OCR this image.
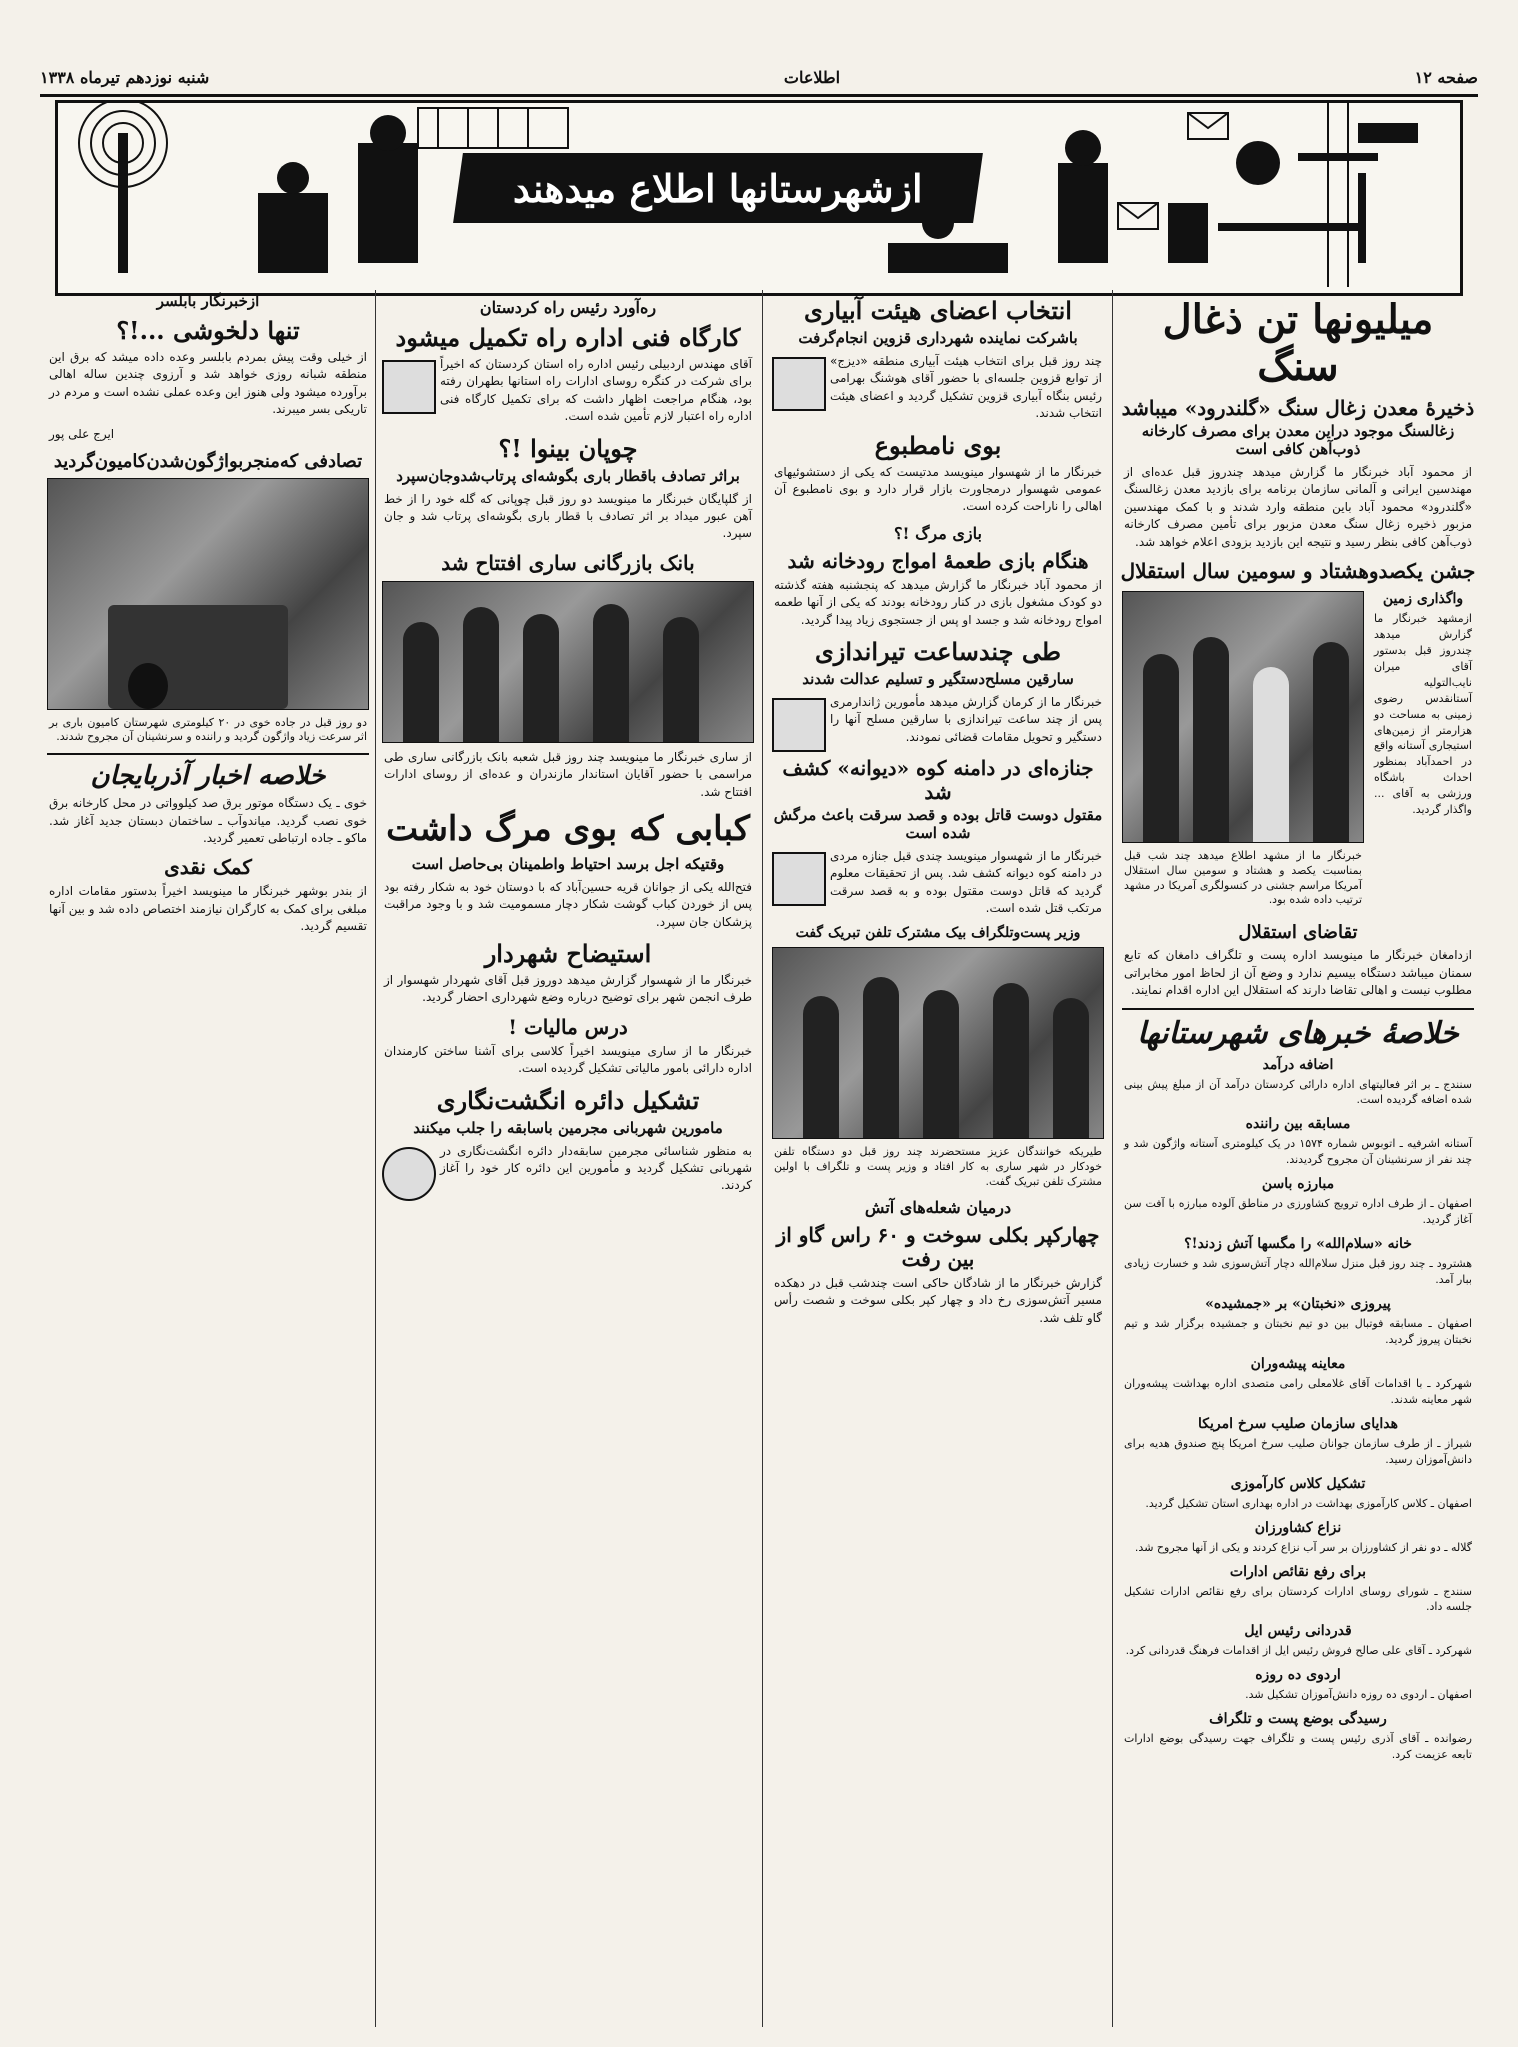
صفحه ۱۲
اطلاعات
شنبه نوزدهم تیرماه ۱۳۳۸
ازشهرستانها اطلاع میدهند
میلیونها تن ذغال سنگ
ذخیرهٔ معدن زغال سنگ «گلندرود» میباشد
زغالسنگ موجود دراین معدن برای مصرف کارخانه ذوب‌آهن کافی است
از محمود آباد خبرنگار ما گزارش میدهد چندروز قبل عده‌ای از مهندسین ایرانی و آلمانی سازمان برنامه برای بازدید معدن زغالسنگ «گلندرود» محمود آباد باین منطقه وارد شدند و با کمک مهندسین مزبور ذخیره زغال سنگ معدن مزبور برای تأمین مصرف کارخانه ذوب‌آهن کافی بنظر رسید و نتیجه این بازدید بزودی اعلام خواهد شد.
جشن یکصدوهشتاد و سومین سال استقلال
واگذاری زمین
ازمشهد خبرنگار ما گزارش میدهد چندروز قبل بدستور آقای میران نایب‌التولیه آستانقدس رضوی زمینی به مساحت دو هزارمتر از زمین‌های استیجاری آستانه واقع در احمدآباد بمنظور احداث باشگاه ورزشی به آقای ... واگذار گردید.
خبرنگار ما از مشهد اطلاع میدهد چند شب قبل بمناسبت یکصد و هشتاد و سومین سال استقلال آمریکا مراسم جشنی در کنسولگری آمریکا در مشهد ترتیب داده شده بود.
تقاضای استقلال
ازدامغان خبرنگار ما مینویسد اداره پست و تلگراف دامغان که تابع سمنان میباشد دستگاه بیسیم ندارد و وضع آن از لحاظ امور مخابراتی مطلوب نیست و اهالی تقاضا دارند که استقلال این اداره اقدام نمایند.
خلاصهٔ خبرهای شهرستانها
اضافه درآمد
سنندج ـ بر اثر فعالیتهای اداره دارائی کردستان درآمد آن از مبلغ پیش بینی شده اضافه گردیده است.
مسابقه بین راننده
آستانه اشرفیه ـ اتوبوس شماره ۱۵۷۴ در یک کیلومتری آستانه واژگون شد و چند نفر از سرنشینان آن مجروح گردیدند.
مبارزه باسن
اصفهان ـ از طرف اداره ترویج کشاورزی در مناطق آلوده مبارزه با آفت سن آغاز گردید.
خانه «سلام‌الله» را مگسها آتش زدند!؟
هشترود ـ چند روز قبل منزل سلام‌الله دچار آتش‌سوزی شد و خسارت زیادی ببار آمد.
پیروزی «نخبتان» بر «جمشیده»
اصفهان ـ مسابقه فوتبال بین دو تیم نخبتان و جمشیده برگزار شد و تیم نخبتان پیروز گردید.
معاینه پیشه‌وران
شهرکرد ـ با اقدامات آقای غلامعلی رامی متصدی اداره بهداشت پیشه‌وران شهر معاینه شدند.
هدایای سازمان صلیب سرخ امریکا
شیراز ـ از طرف سازمان جوانان صلیب سرخ امریکا پنج صندوق هدیه برای دانش‌آموزان رسید.
تشکیل کلاس کارآموزی
اصفهان ـ کلاس کارآموزی بهداشت در اداره بهداری استان تشکیل گردید.
نزاع کشاورزان
گلاله ـ دو نفر از کشاورزان بر سر آب نزاع کردند و یکی از آنها مجروح شد.
برای رفع نقائص ادارات
سنندج ـ شورای روسای ادارات کردستان برای رفع نقائص ادارات تشکیل جلسه داد.
قدردانی رئیس ایل
شهرکرد ـ آقای علی صالح فروش رئیس ایل از اقدامات فرهنگ قدردانی کرد.
اردوی ده روزه
اصفهان ـ اردوی ده روزه دانش‌آموزان تشکیل شد.
رسیدگی بوضع پست و تلگراف
رضوانده ـ آقای آذری رئیس پست و تلگراف جهت رسیدگی بوضع ادارات تابعه عزیمت کرد.
انتخاب اعضای هیئت آبیاری
باشرکت نماینده شهرداری قزوین انجام‌گرفت
چند روز قبل برای انتخاب هیئت آبیاری منطقه «دیزج» از توابع قزوین جلسه‌ای با حضور آقای هوشنگ بهرامی رئیس بنگاه آبیاری قزوین تشکیل گردید و اعضای هیئت انتخاب شدند.
بوی نامطبوع
خبرنگار ما از شهسوار مینویسد مدتیست که یکی از دستشوئیهای عمومی شهسوار درمجاورت بازار قرار دارد و بوی نامطبوع آن اهالی را ناراحت کرده است.
بازی مرگ !؟
هنگام بازی طعمهٔ امواج رودخانه شد
از محمود آباد خبرنگار ما گزارش میدهد که پنجشنبه هفته گذشته دو کودک مشغول بازی در کنار رودخانه بودند که یکی از آنها طعمه امواج رودخانه شد و جسد او پس از جستجوی زیاد پیدا گردید.
طی چندساعت تیراندازی
سارقین مسلح‌دستگیر و تسلیم عدالت شدند
خبرنگار ما از کرمان گزارش میدهد مأمورین ژاندارمری پس از چند ساعت تیراندازی با سارقین مسلح آنها را دستگیر و تحویل مقامات قضائی نمودند.
جنازه‌ای در دامنه کوه «دیوانه» کشف شد
مقتول دوست قاتل بوده و قصد سرقت باعث مرگش شده است
خبرنگار ما از شهسوار مینویسد چندی قبل جنازه مردی در دامنه کوه دیوانه کشف شد. پس از تحقیقات معلوم گردید که قاتل دوست مقتول بوده و به قصد سرقت مرتکب قتل شده است.
وزیر پست‌وتلگراف بیک مشترک تلفن تبریک گفت
طیریکه خوانندگان عزیز مستحضرند چند روز قبل دو دستگاه تلفن خودکار در شهر ساری به کار افتاد و وزیر پست و تلگراف با اولین مشترک تلفن تبریک گفت.
درمیان شعله‌های آتش
چهارکپر بکلی سوخت و ۶۰ راس گاو از بین رفت
گزارش خبرنگار ما از شادگان حاکی است چندشب قبل در دهکده مسیر آتش‌سوزی رخ داد و چهار کپر بکلی سوخت و شصت رأس گاو تلف شد.
ره‌آورد رئیس راه کردستان
کارگاه فنی اداره راه تکمیل میشود
آقای مهندس اردبیلی رئیس اداره راه استان کردستان که اخیراً برای شرکت در کنگره روسای ادارات راه استانها بطهران رفته بود، هنگام مراجعت اظهار داشت که برای تکمیل کارگاه فنی اداره راه اعتبار لازم تأمین شده است.
چوپان بینوا !؟
براثر تصادف باقطار باری بگوشه‌ای پرتاب‌شدوجان‌سپرد
از گلپایگان خبرنگار ما مینویسد دو روز قبل چوپانی که گله خود را از خط آهن عبور میداد بر اثر تصادف با قطار باری بگوشه‌ای پرتاب شد و جان سپرد.
بانک بازرگانی ساری افتتاح شد
از ساری خبرنگار ما مینویسد چند روز قبل شعبه بانک بازرگانی ساری طی مراسمی با حضور آقایان استاندار مازندران و عده‌ای از روسای ادارات افتتاح شد.
کبابی که بوی مرگ داشت
وقتیکه اجل برسد احتیاط واطمینان بی‌حاصل است
فتح‌الله یکی از جوانان قریه حسین‌آباد که با دوستان خود به شکار رفته بود پس از خوردن کباب گوشت شکار دچار مسمومیت شد و با وجود مراقبت پزشکان جان سپرد.
استیضاح شهردار
خبرنگار ما از شهسوار گزارش میدهد دوروز قبل آقای شهردار شهسوار از طرف انجمن شهر برای توضیح درباره وضع شهرداری احضار گردید.
درس مالیات !
خبرنگار ما از ساری مینویسد اخیراً کلاسی برای آشنا ساختن کارمندان اداره دارائی بامور مالیاتی تشکیل گردیده است.
تشکیل دائره انگشت‌نگاری
مامورین شهربانی مجرمین باسابقه را جلب میکنند
به منظور شناسائی مجرمین سابقه‌دار دائره انگشت‌نگاری در شهربانی تشکیل گردید و مأمورین این دائره کار خود را آغاز کردند.
ازخبرنگار بابلسر
تنها دلخوشی ...!؟
از خیلی وقت پیش بمردم بابلسر وعده داده میشد که برق این منطقه شبانه روزی خواهد شد و آرزوی چندین ساله اهالی برآورده میشود ولی هنوز این وعده عملی نشده است و مردم در تاریکی بسر میبرند.
ایرج علی پور
تصادفی که‌منجربواژگون‌شدن‌کامیون‌گردید
دو روز قبل در جاده خوی در ۲۰ کیلومتری شهرستان کامیون باری بر اثر سرعت زیاد واژگون گردید و راننده و سرنشینان آن مجروح شدند.
خلاصه اخبار آذربایجان
خوی ـ یک دستگاه موتور برق صد کیلوواتی در محل کارخانه برق خوی نصب گردید. میاندوآب ـ ساختمان دبستان جدید آغاز شد. ماکو ـ جاده ارتباطی تعمیر گردید.
کمک نقدی
از بندر بوشهر خبرنگار ما مینویسد اخیراً بدستور مقامات اداره مبلغی برای کمک به کارگران نیازمند اختصاص داده شد و بین آنها تقسیم گردید.
